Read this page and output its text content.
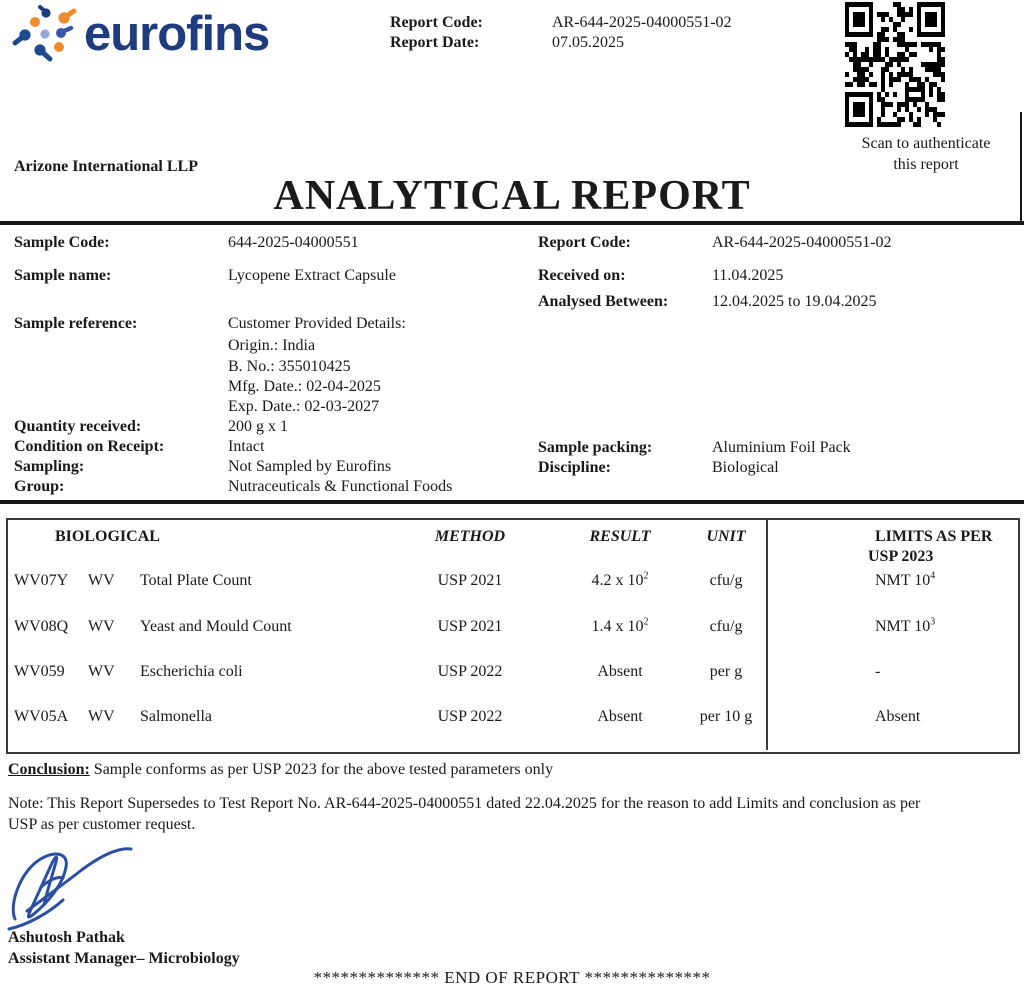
eurofins	Report Code:	AR-644-2025-04000551-02
Report Date:	07.05.2025
Scan to authenticate
this report
Arizone International LLP
ANALYTICAL REPORT
Sample Code:	644-2025-04000551
Sample name:	Lycopene Extract Capsule
Sample reference:	Customer Provided Details:
Origin.: India
B. No.: 355010425
Mfg. Date.: 02-04-2025
Exp. Date.: 02-03-2027
Quantity received:	200 g x 1
Condition on Receipt:	Intact
Sampling:	Not Sampled by Eurofins
Group:	Nutraceuticals & Functional Foods
Report Code:	AR-644-2025-04000551-02
Received on:	11.04.2025
Analysed Between:	12.04.2025 to 19.04.2025
Sample packing:	Aluminium Foil Pack
Discipline:	Biological
BIOLOGICAL	METHOD	RESULT	UNIT	LIMITS AS PER
USP 2023
WV07Y WV Total Plate Count	USP 2021	4.2 x $10^2$	cfu/g	NMT $10^4$
WV08Q WV Yeast and Mould Count	USP 2021	1.4 x $10^2$	cfu/g	NMT $10^3$
WV059 WV Escherichia coli	USP 2022	Absent	per g	-
WV05A WV Salmonella	USP 2022	Absent	per 10 g	Absent
Conclusion: Sample conforms as per USP 2023 for the above tested parameters only
Note: This Report Supersedes to Test Report No. AR-644-2025-04000551 dated 22.04.2025 for the reason to add Limits and conclusion as per
USP as per customer request.
Ashutosh Pathak
Assistant Manager– Microbiology
************** END OF REPORT **************
